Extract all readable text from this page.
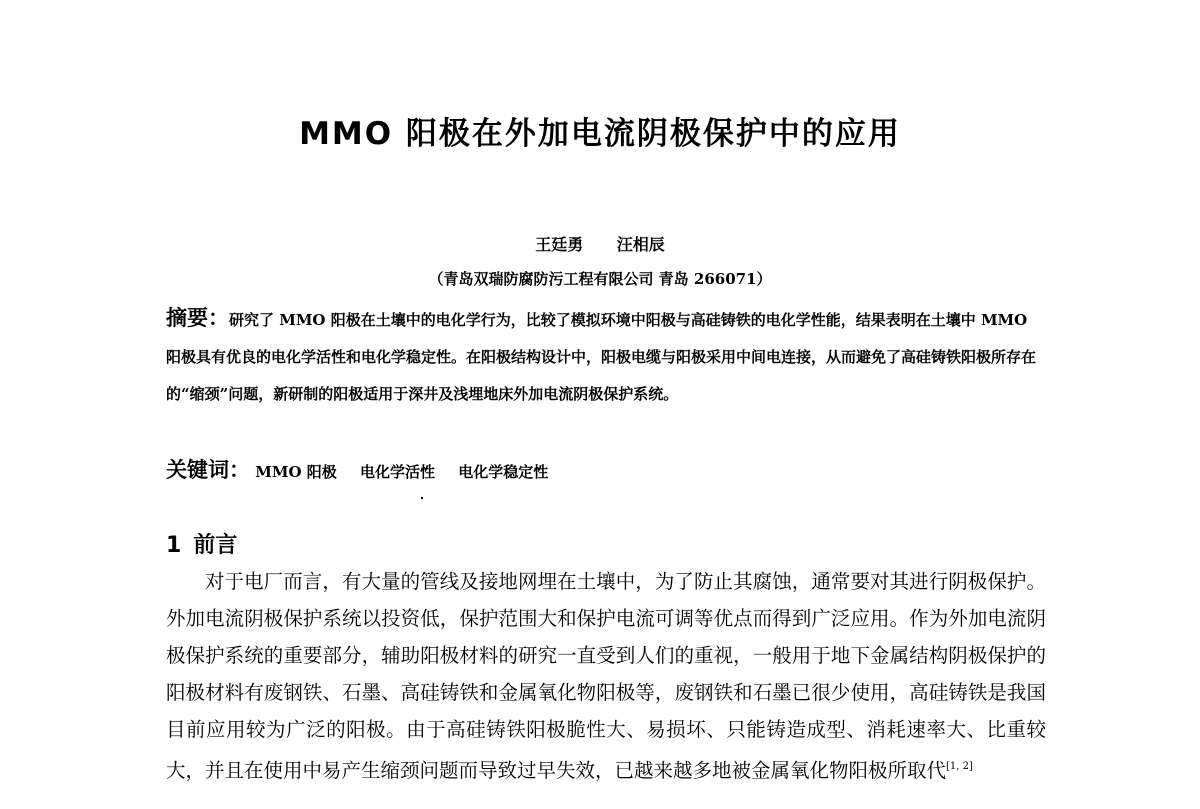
MMO 阳极在外加电流阴极保护中的应用
王廷勇 汪相辰
（青岛双瑞防腐防污工程有限公司 青岛 266071）
摘要：研究了 MMO 阳极在土壤中的电化学行为，比较了模拟环境中阳极与高硅铸铁的电化学性能，结果表明在土壤中 MMO 阳极具有优良的电化学活性和电化学稳定性。在阳极结构设计中，阳极电缆与阳极采用中间电连接，从而避免了高硅铸铁阳极所存在的“缩颈”问题，新研制的阳极适用于深井及浅埋地床外加电流阴极保护系统。
关键词： MMO 阳极 电化学活性 电化学稳定性
1 前言

对于电厂而言，有大量的管线及接地网埋在土壤中，为了防止其腐蚀，通常要对其进行阴极保护。外加电流阴极保护系统以投资低，保护范围大和保护电流可调等优点而得到广泛应用。作为外加电流阴极保护系统的重要部分，辅助阳极材料的研究一直受到人们的重视，一般用于地下金属结构阴极保护的阳极材料有废钢铁、石墨、高硅铸铁和金属氧化物阳极等，废钢铁和石墨已很少使用，高硅铸铁是我国目前应用较为广泛的阳极。由于高硅铸铁阳极脆性大、易损坏、只能铸造成型、消耗速率大、比重较大，并且在使用中易产生缩颈问题而导致过早失效，已越来越多地被金属氧化物阳极所取代[1, 2]
